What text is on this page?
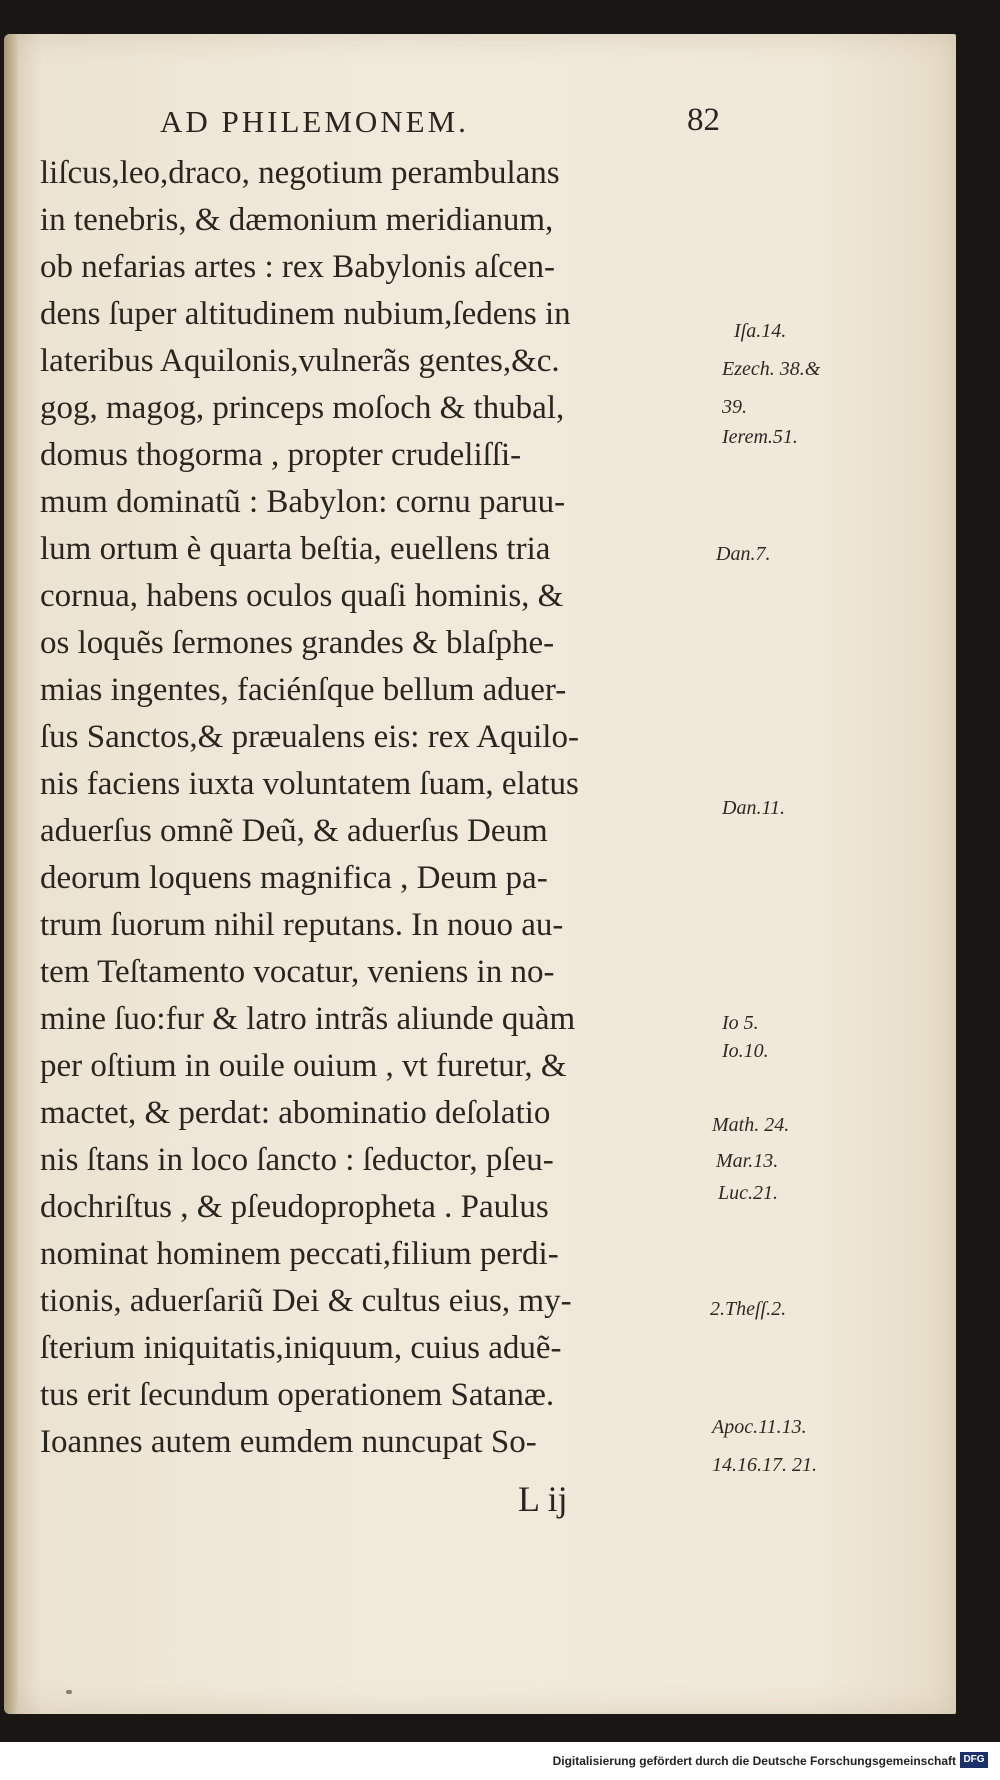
AD PHILEMONEM.	82
liſcus,leo,draco, negotium perambulans
in tenebris, & dæmonium meridianum,
ob nefarias artes : rex Babylonis aſcen-
dens ſuper altitudinem nubium,ſedens in
lateribus Aquilonis,vulnerãs gentes,&c.
gog, magog, princeps moſoch & thubal,
domus thogorma , propter crudeliſſi-
mum dominatũ : Babylon: cornu paruu-
lum ortum è quarta beſtia, euellens tria
cornua, habens oculos quaſi hominis, &
os loquẽs ſermones grandes & blaſphe-
mias ingentes, faciénſque bellum aduer-
ſus Sanctos,& præualens eis: rex Aquilo-
nis faciens iuxta voluntatem ſuam, elatus
aduerſus omnẽ Deũ, & aduerſus Deum
deorum loquens magnifica , Deum pa-
trum ſuorum nihil reputans. In nouo au-
tem Teſtamento vocatur, veniens in no-
mine ſuo:fur & latro intrãs aliunde quàm
per oſtium in ouile ouium , vt furetur, &
mactet, & perdat: abominatio deſolatio
nis ſtans in loco ſancto : ſeductor, pſeu-
dochriſtus , & pſeudopropheta . Paulus
nominat hominem peccati,filium perdi-
tionis, aduerſariũ Dei & cultus eius, my-
ſterium iniquitatis,iniquum, cuius aduẽ-
tus erit ſecundum operationem Satanæ.
Ioannes autem eumdem nuncupat So-
Iſa.14.
Ezech. 38.&
39.
Ierem.51.
Dan.7.
Dan.11.
Io 5.
Io.10.
Math. 24.
Mar.13.
Luc.21.
2.Theſſ.2.
Apoc.11.13.
14.16.17. 21.
L ij
Digitalisierung gefördert durch die Deutsche Forschungsgemeinschaft DFG
